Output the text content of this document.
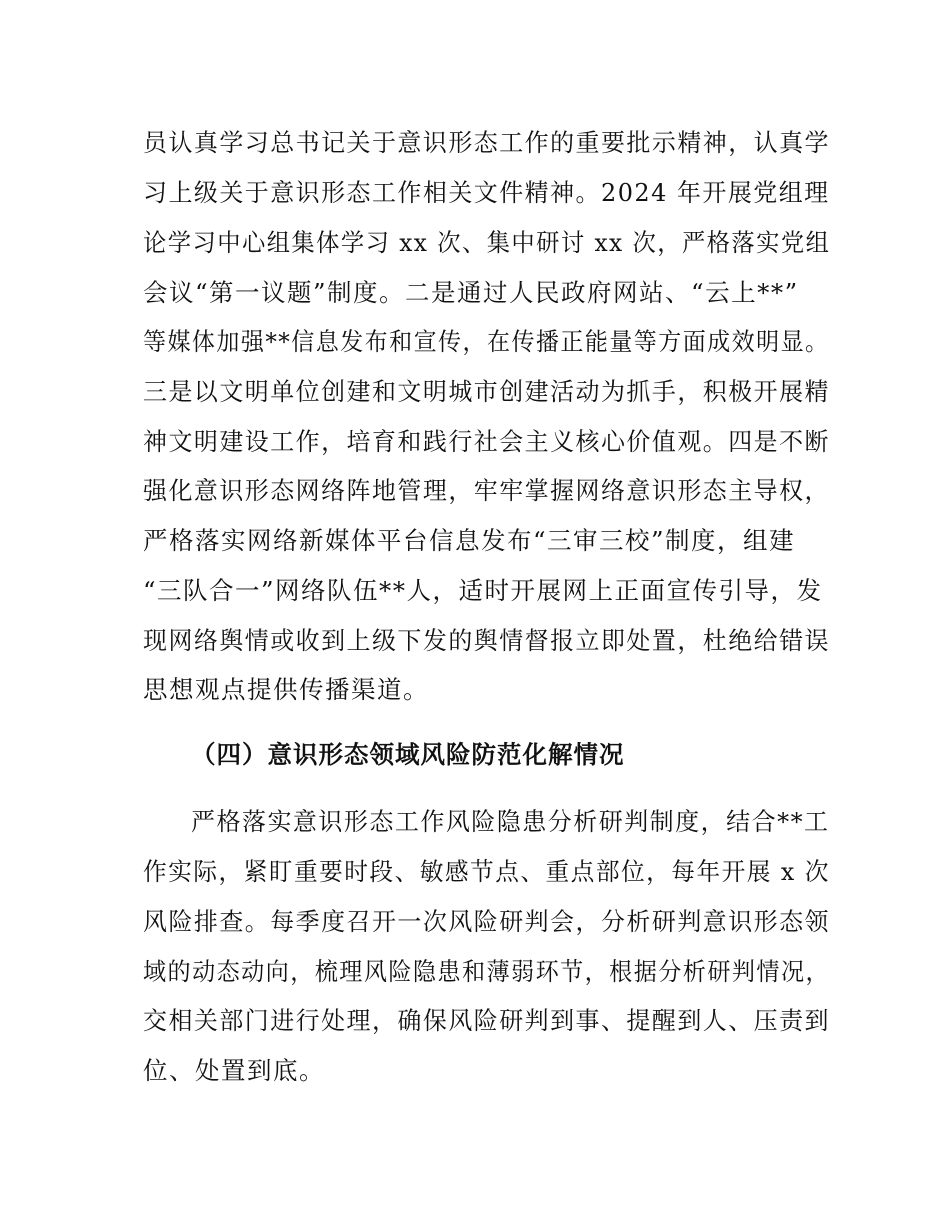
员认真学习总书记关于意识形态工作的重要批示精神，认真学
习上级关于意识形态工作相关文件精神。2024 年开展党组理
论学习中心组集体学习 xx 次、集中研讨 xx 次，严格落实党组
会议“第一议题”制度。二是通过人民政府网站、“云上**”
等媒体加强**信息发布和宣传，在传播正能量等方面成效明显。
三是以文明单位创建和文明城市创建活动为抓手，积极开展精
神文明建设工作，培育和践行社会主义核心价值观。四是不断
强化意识形态网络阵地管理，牢牢掌握网络意识形态主导权，
严格落实网络新媒体平台信息发布“三审三校”制度，组建
“三队合一”网络队伍**人，适时开展网上正面宣传引导，发
现网络舆情或收到上级下发的舆情督报立即处置，杜绝给错误
思想观点提供传播渠道。
（四）意识形态领域风险防范化解情况
严格落实意识形态工作风险隐患分析研判制度，结合**工
作实际，紧盯重要时段、敏感节点、重点部位，每年开展 x 次
风险排查。每季度召开一次风险研判会，分析研判意识形态领
域的动态动向，梳理风险隐患和薄弱环节，根据分析研判情况，
交相关部门进行处理，确保风险研判到事、提醒到人、压责到
位、处置到底。
